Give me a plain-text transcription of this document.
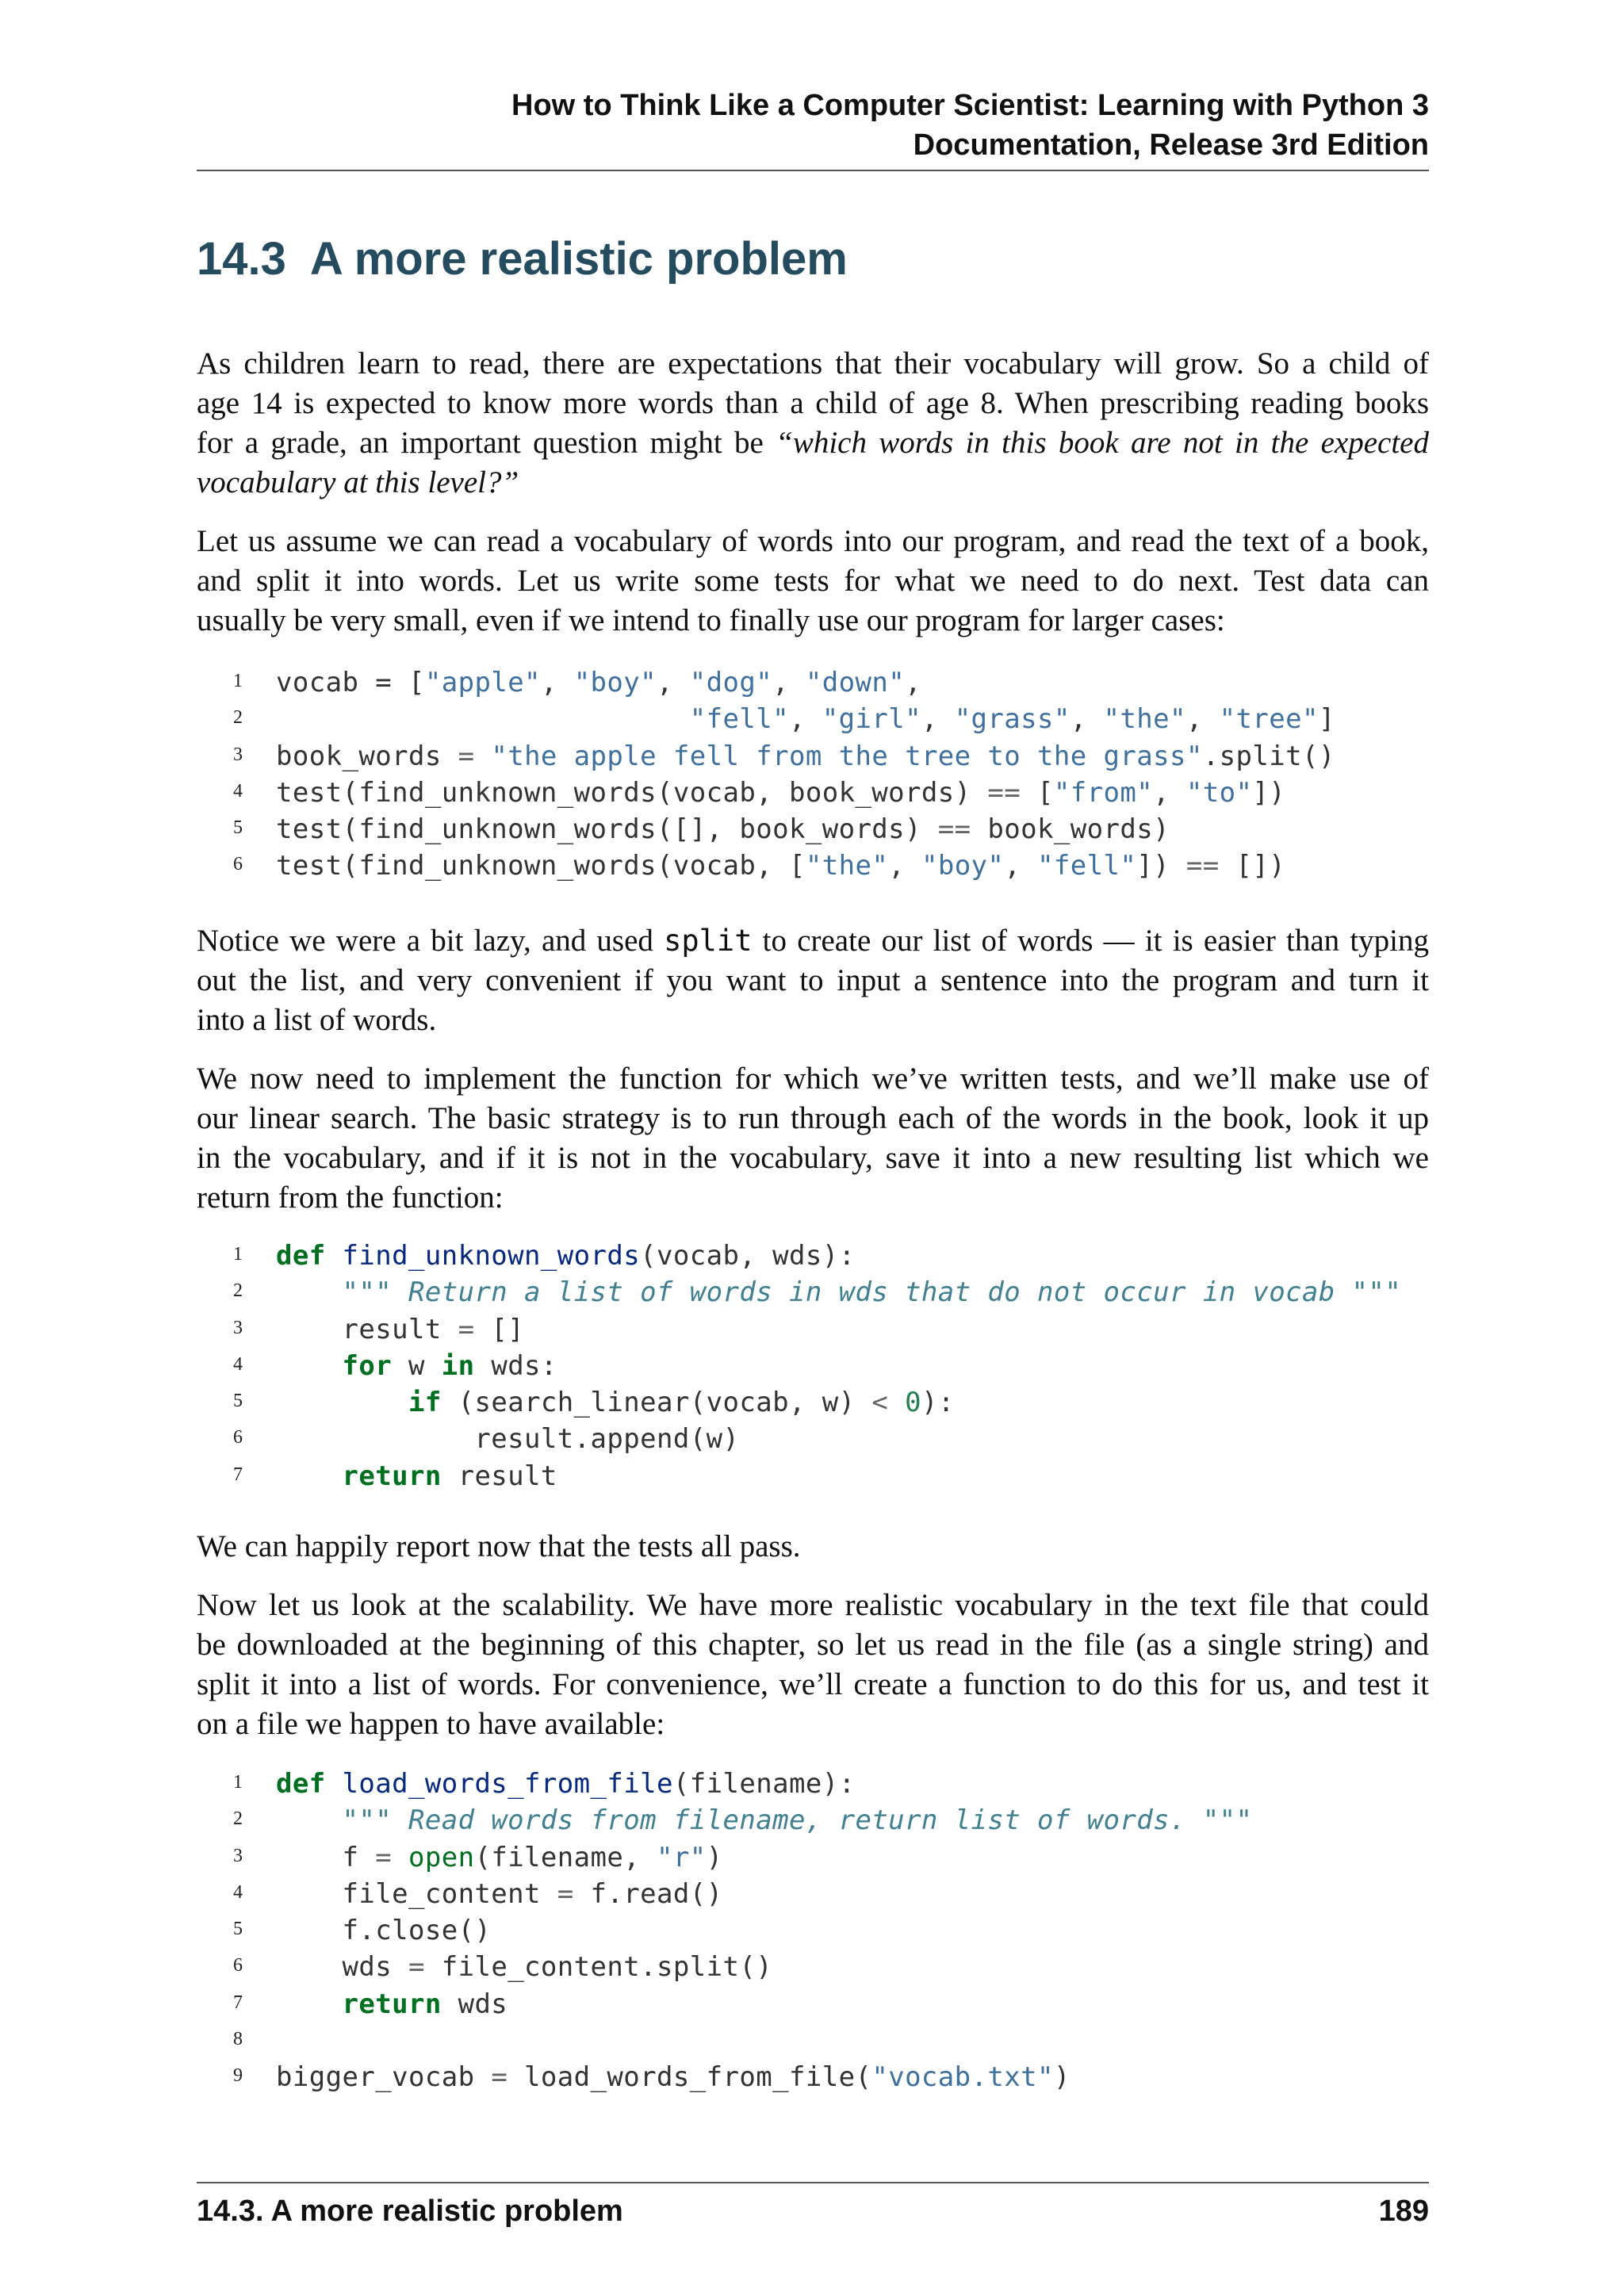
How to Think Like a Computer Scientist: Learning with Python 3
Documentation, Release 3rd Edition
14.3 A more realistic problem

As children learn to read, there are expectations that their vocabulary will grow. So a child of
age 14 is expected to know more words than a child of age 8. When prescribing reading books
for a grade, an important question might be “which words in this book are not in the expected
vocabulary at this level?”

Let us assume we can read a vocabulary of words into our program, and read the text of a book,
and split it into words. Let us write some tests for what we need to do next. Test data can
usually be very small, even if we intend to finally use our program for larger cases:

1	vocab = ["apple", "boy", "dog", "down",
2	"fell", "girl", "grass", "the", "tree"]
3	book_words = "the apple fell from the tree to the grass".split()
4	test(find_unknown_words(vocab, book_words) == ["from", "to"])
5	test(find_unknown_words([], book_words) == book_words)
6	test(find_unknown_words(vocab, ["the", "boy", "fell"]) == [])

Notice we were a bit lazy, and used split to create our list of words — it is easier than typing
out the list, and very convenient if you want to input a sentence into the program and turn it
into a list of words.

We now need to implement the function for which we’ve written tests, and we’ll make use of
our linear search. The basic strategy is to run through each of the words in the book, look it up
in the vocabulary, and if it is not in the vocabulary, save it into a new resulting list which we
return from the function:

1	def find_unknown_words(vocab, wds):
2	""" Return a list of words in wds that do not occur in vocab """
3	result = []
4	for w in wds:
5	if (search_linear(vocab, w) < 0):
6	result.append(w)
7	return result

We can happily report now that the tests all pass.

Now let us look at the scalability. We have more realistic vocabulary in the text file that could
be downloaded at the beginning of this chapter, so let us read in the file (as a single string) and
split it into a list of words. For convenience, we’ll create a function to do this for us, and test it
on a file we happen to have available:

1	def load_words_from_file(filename):
2	""" Read words from filename, return list of words. """
3	f = open(filename, "r")
4	file_content = f.read()
5	f.close()
6	wds = file_content.split()
7	return wds
8
9	bigger_vocab = load_words_from_file("vocab.txt")
14.3. A more realistic problem	189
